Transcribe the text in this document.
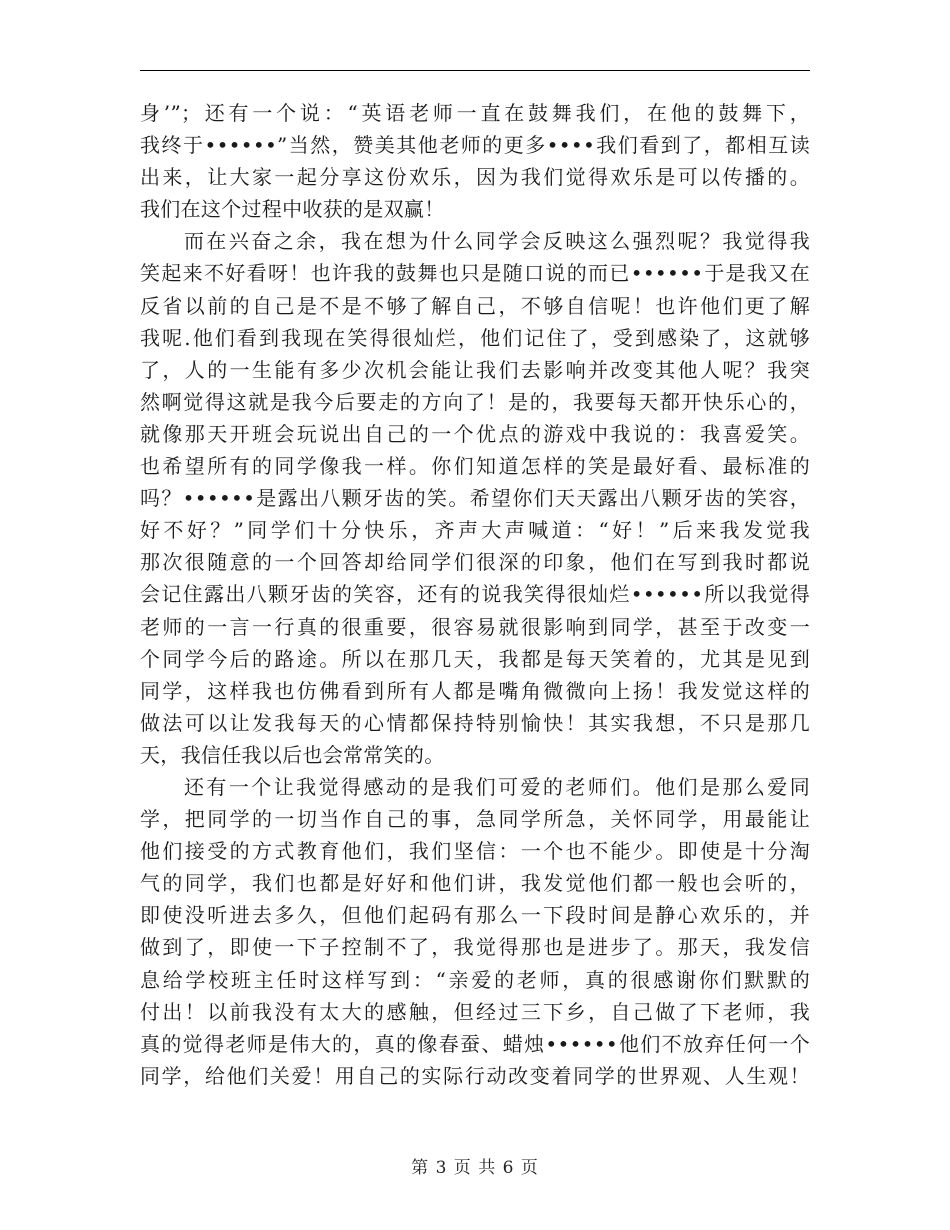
身’”；还有一个说：“英语老师一直在鼓舞我们，在他的鼓舞下，
我终于••••••”当然，赞美其他老师的更多••••我们看到了，都相互读
出来，让大家一起分享这份欢乐，因为我们觉得欢乐是可以传播的。
我们在这个过程中收获的是双赢！
而在兴奋之余，我在想为什么同学会反映这么强烈呢？我觉得我
笑起来不好看呀！也许我的鼓舞也只是随口说的而已••••••于是我又在
反省以前的自己是不是不够了解自己，不够自信呢！也许他们更了解
我呢.他们看到我现在笑得很灿烂，他们记住了，受到感染了，这就够
了，人的一生能有多少次机会能让我们去影响并改变其他人呢？我突
然啊觉得这就是我今后要走的方向了！是的，我要每天都开快乐心的，
就像那天开班会玩说出自己的一个优点的游戏中我说的：我喜爱笑。
也希望所有的同学像我一样。你们知道怎样的笑是最好看、最标准的
吗？••••••是露出八颗牙齿的笑。希望你们天天露出八颗牙齿的笑容，
好不好？”同学们十分快乐，齐声大声喊道：“好！”后来我发觉我
那次很随意的一个回答却给同学们很深的印象，他们在写到我时都说
会记住露出八颗牙齿的笑容，还有的说我笑得很灿烂••••••所以我觉得
老师的一言一行真的很重要，很容易就很影响到同学，甚至于改变一
个同学今后的路途。所以在那几天，我都是每天笑着的，尤其是见到
同学，这样我也仿佛看到所有人都是嘴角微微向上扬！我发觉这样的
做法可以让发我每天的心情都保持特别愉快！其实我想，不只是那几
天，我信任我以后也会常常笑的。
还有一个让我觉得感动的是我们可爱的老师们。他们是那么爱同
学，把同学的一切当作自己的事，急同学所急，关怀同学，用最能让
他们接受的方式教育他们，我们坚信：一个也不能少。即使是十分淘
气的同学，我们也都是好好和他们讲，我发觉他们都一般也会听的，
即使没听进去多久，但他们起码有那么一下段时间是静心欢乐的，并
做到了，即使一下子控制不了，我觉得那也是进步了。那天，我发信
息给学校班主任时这样写到：“亲爱的老师，真的很感谢你们默默的
付出！以前我没有太大的感触，但经过三下乡，自己做了下老师，我
真的觉得老师是伟大的，真的像春蚕、蜡烛••••••他们不放弃任何一个
同学，给他们关爱！用自己的实际行动改变着同学的世界观、人生观！
第 3 页 共 6 页
